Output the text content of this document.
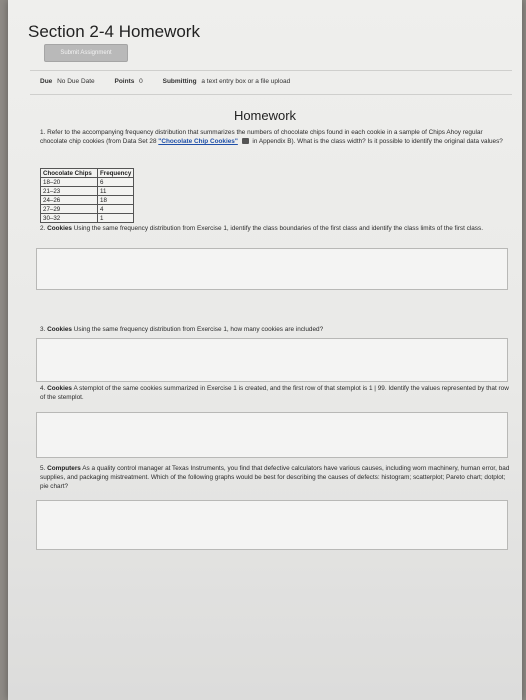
Section 2-4 Homework
Submit Assignment
Due No Due Date	Points 0	Submitting a text entry box or a file upload
Homework
1. Refer to the accompanying frequency distribution that summarizes the numbers of chocolate chips found in each cookie in a sample of Chips Ahoy regular chocolate chip cookies (from Data Set 28 "Chocolate Chip Cookies" in Appendix B). What is the class width? Is it possible to identify the original data values?
Chocolate Chips	Frequency
18–20	6
21–23	11
24–26	18
27–29	4
30–32	1
2. Cookies Using the same frequency distribution from Exercise 1, identify the class boundaries of the first class and identify the class limits of the first class.
3. Cookies Using the same frequency distribution from Exercise 1, how many cookies are included?
4. Cookies A stemplot of the same cookies summarized in Exercise 1 is created, and the first row of that stemplot is 1 | 99. Identify the values represented by that row of the stemplot.
5. Computers As a quality control manager at Texas Instruments, you find that defective calculators have various causes, including worn machinery, human error, bad supplies, and packaging mistreatment. Which of the following graphs would be best for describing the causes of defects: histogram; scatterplot; Pareto chart; dotplot; pie chart?
